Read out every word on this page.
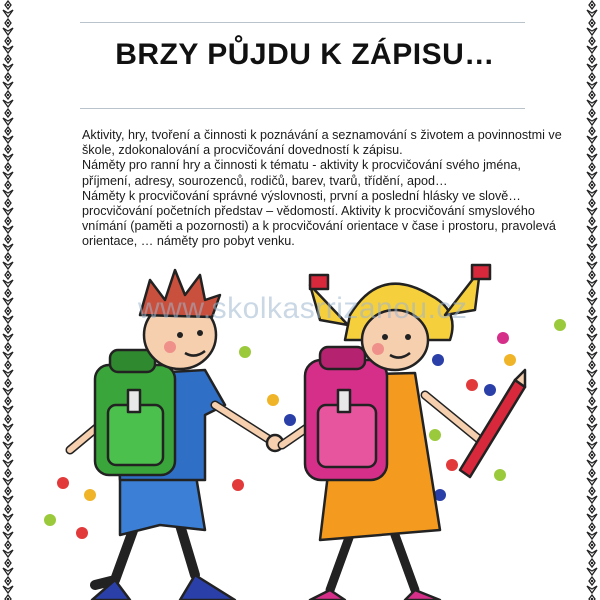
BRZY PŮJDU K ZÁPISU…

Aktivity, hry, tvoření a činnosti k poznávání a seznamování s životem a povinnostmi ve škole, zdokonalování a procvičování dovedností k zápisu.

Náměty pro ranní hry a činnosti k tématu - aktivity k procvičování svého jména, příjmení, adresy, sourozenců, rodičů, barev, tvarů, třídění, apod…

Náměty k procvičování správné výslovnosti, první a poslední hlásky ve slově…procvičování početních představ – vědomostí. Aktivity k procvičování smyslového vnímání (paměti a pozornosti) a k procvičování orientace v čase i prostoru, pravolevá orientace, … náměty pro pobyt venku.

www.skolkasrrizanou.cz
